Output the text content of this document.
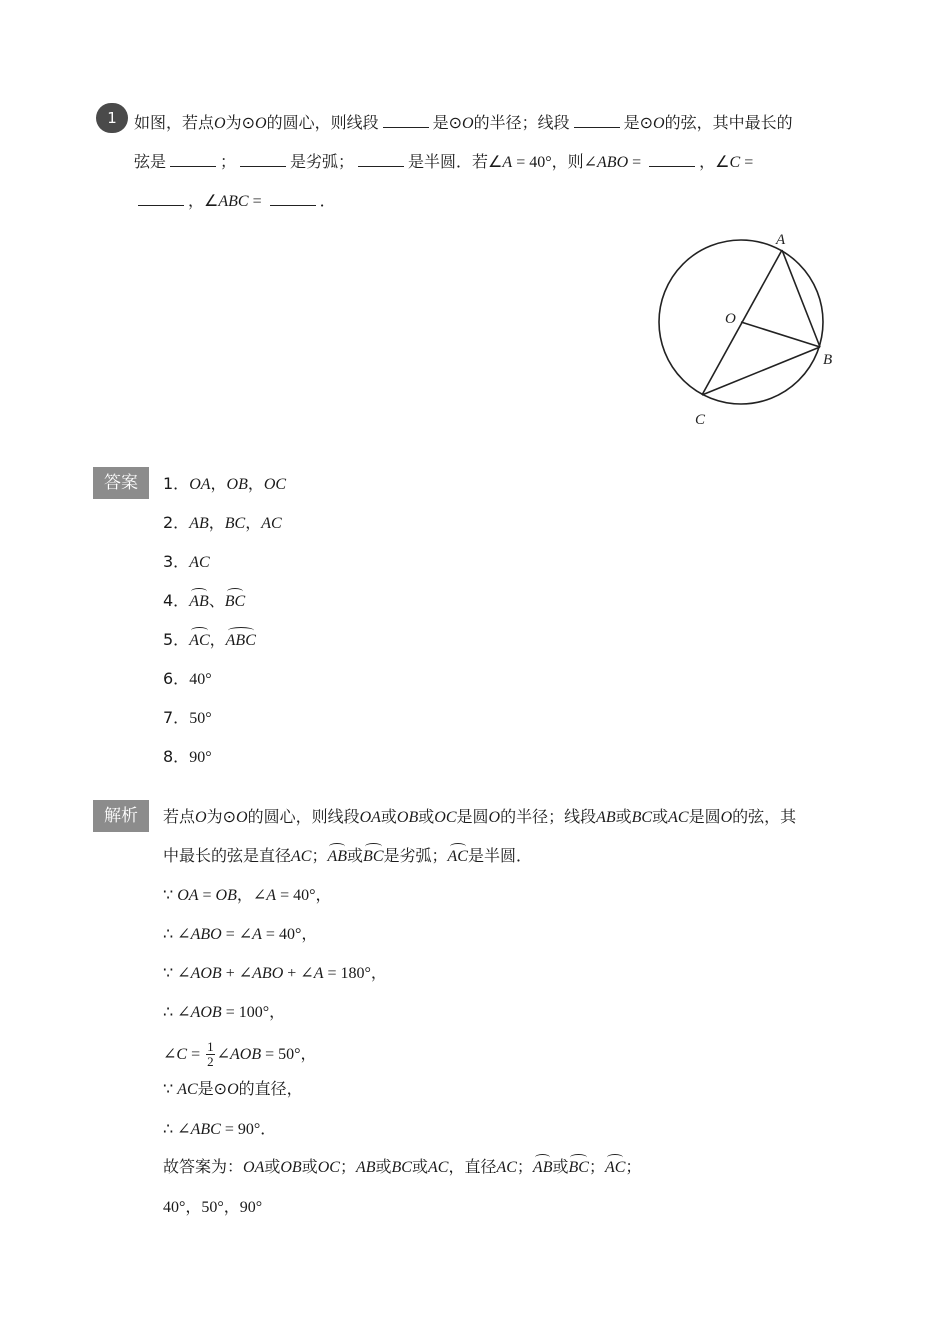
1	如图，若点O为⊙O的圆心，则线段	是⊙O的半径；线段	是⊙O的弦，其中最长的
弦是	；	是劣弧；	是半圆．若∠A = 40°，则∠ABO =	，∠C =
，∠ABC =	．
A
O
B
C
答案	1．OA，OB，OC
2．AB，BC，AC
3．AC
4．AB、BC
5．AC，ABC
6．40°
7．50°
8．90°
解析	若点O为⊙O的圆心，则线段OA或OB或OC是圆O的半径；线段AB或BC或AC是圆O的弦，其
中最长的弦是直径AC；AB或BC是劣弧；AC是半圆．
∵ OA = OB，∠A = 40°，
∴ ∠ABO = ∠A = 40°，
∵ ∠AOB + ∠ABO + ∠A = 180°，
∴ ∠AOB = 100°，
∠C = $\frac{1}{2}$ ∠AOB = 50°，
∵ AC是⊙O的直径，
∴ ∠ABC = 90°．
故答案为：OA或OB或OC；AB或BC或AC，直径AC；AB或BC；AC；
40°，50°，90°
